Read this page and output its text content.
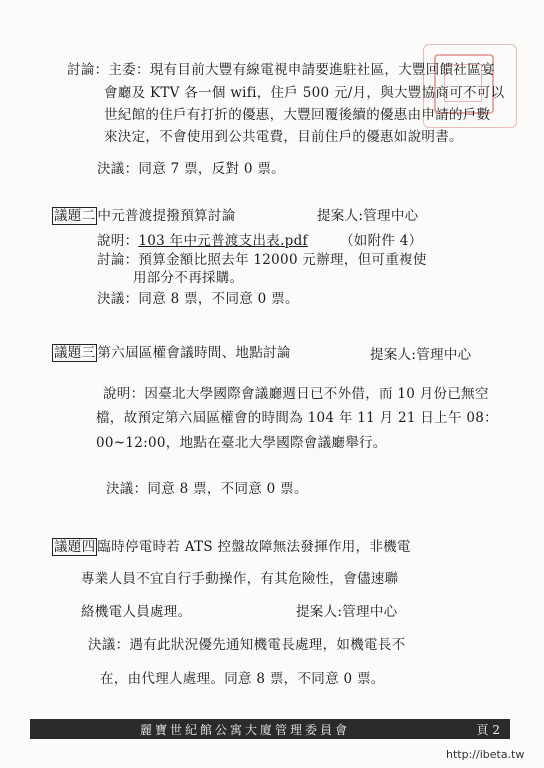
討論：主委：現有目前大豐有線電視申請要進駐社區，大豐回饋社區宴
會廳及 KTV 各一個 wifi，住戶 500 元/月，與大豐協商可不可以
世紀館的住戶有打折的優惠，大豐回覆後續的優惠由申請的戶數
來決定，不會使用到公共電費，目前住戶的優惠如說明書。
決議：同意 7 票，反對 0 票。
議題二 中元普渡提撥預算討論	提案人:管理中心
說明：103 年中元普渡支出表.pdf （如附件 4）
討論：預算金額比照去年 12000 元辦理，但可重複使
用部分不再採購。
決議：同意 8 票，不同意 0 票。
議題三 第六屆區權會議時間、地點討論	提案人:管理中心
說明：因臺北大學國際會議廳週日已不外借，而 10 月份已無空
檔，故預定第六屆區權會的時間為 104 年 11 月 21 日上午 08：
00~12:00，地點在臺北大學國際會議廳舉行。
決議：同意 8 票，不同意 0 票。
議題四 臨時停電時若 ATS 控盤故障無法發揮作用，非機電
專業人員不宜自行手動操作，有其危險性，會儘速聯
絡機電人員處理。	提案人:管理中心
決議：遇有此狀況優先通知機電長處理，如機電長不
在，由代理人處理。同意 8 票，不同意 0 票。
麗寶世紀館公寓大廈管理委員會	頁 2
http://ibeta.tw
